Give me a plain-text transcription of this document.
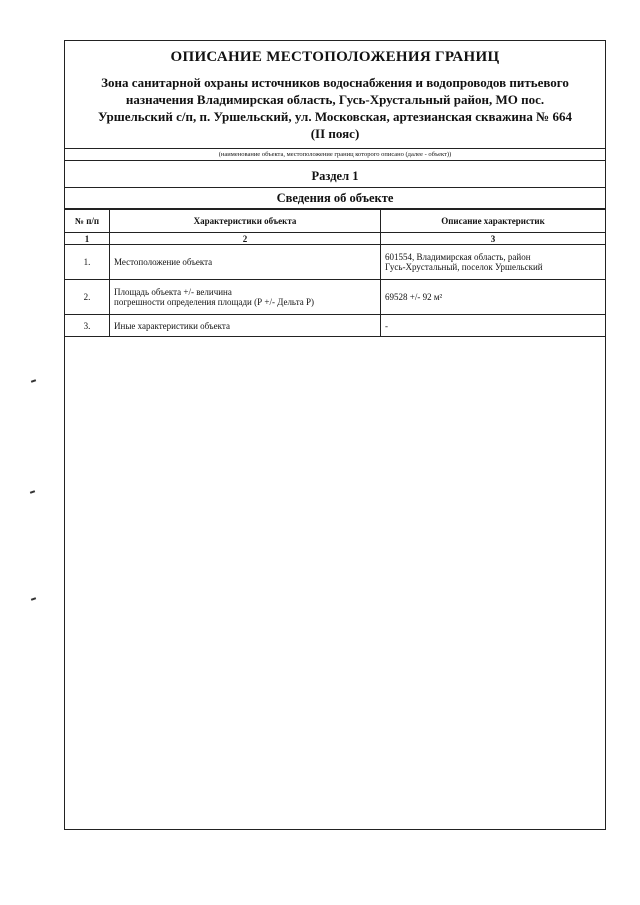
ОПИСАНИЕ МЕСТОПОЛОЖЕНИЯ ГРАНИЦ
Зона санитарной охраны источников водоснабжения и водопроводов питьевого
назначения Владимирская область, Гусь-Хрустальный район, МО пос.
Уршельский с/п, п. Уршельский, ул. Московская, артезианская скважина № 664
(II пояс)
(наименование объекта, местоположение границ которого описано (далее - объект))
Раздел 1
Сведения об объекте
№ п/п	Характеристики объекта	Описание характеристик
1	2	3
1.	Местоположение объекта	601554, Владимирская область, район
Гусь-Хрустальный, поселок Уршельский

2.	Площадь объекта +/- величина
погрешности определения площади (Р +/- Дельта Р)	69528 +/- 92 м²
3.	Иные характеристики объекта	-
